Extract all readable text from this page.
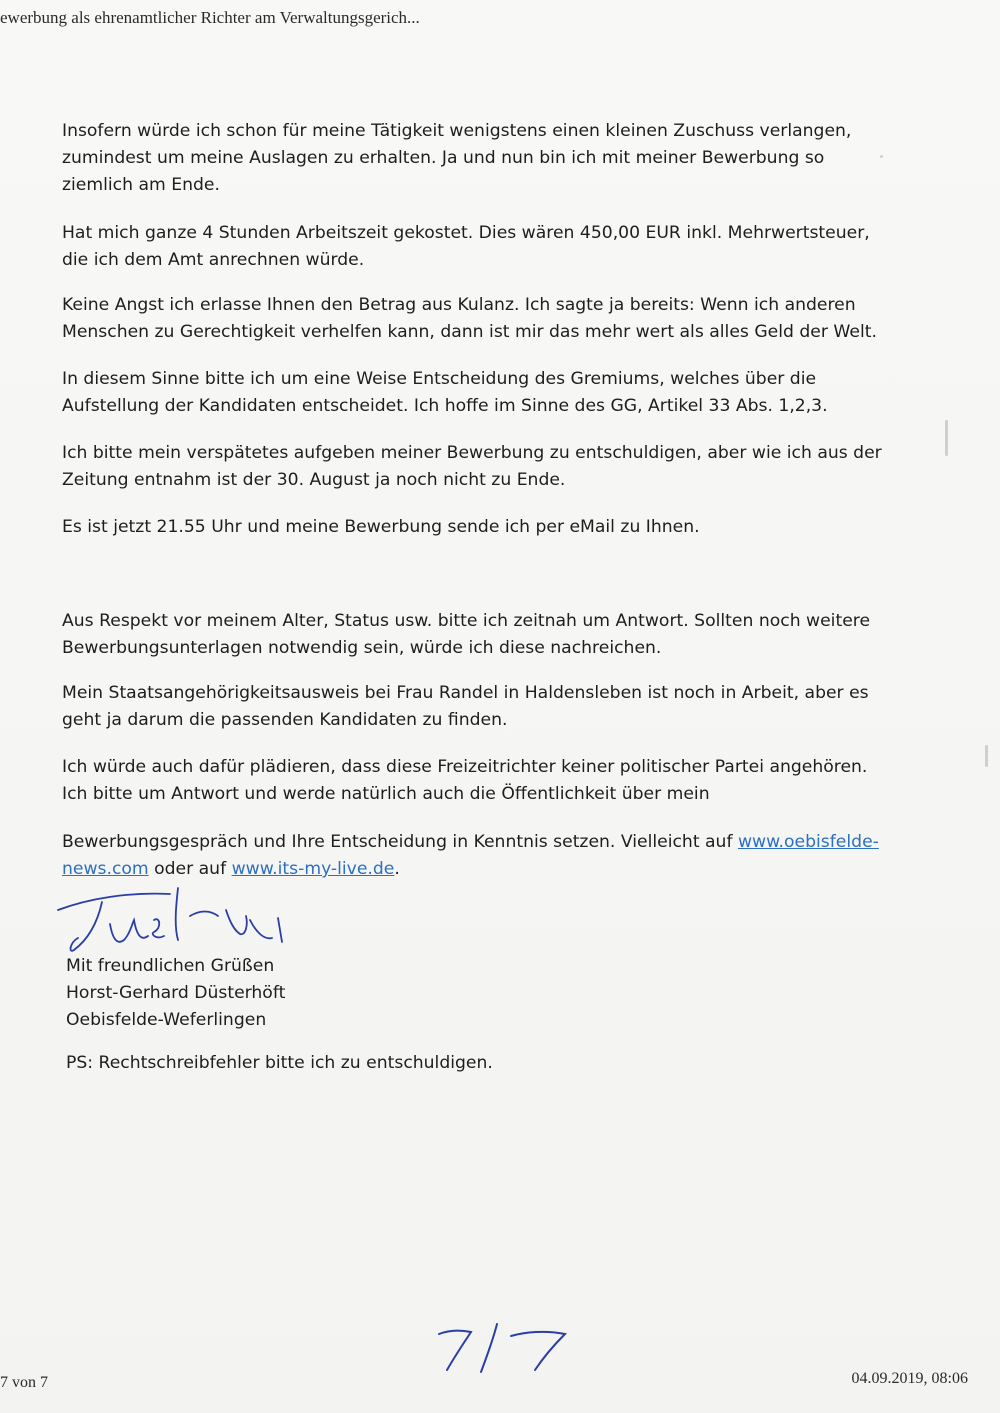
ewerbung als ehrenamtlicher Richter am Verwaltungsgerich...
Insofern würde ich schon für meine Tätigkeit wenigstens einen kleinen Zuschuss verlangen,
zumindest um meine Auslagen zu erhalten. Ja und nun bin ich mit meiner Bewerbung so
ziemlich am Ende.
Hat mich ganze 4 Stunden Arbeitszeit gekostet. Dies wären 450,00 EUR inkl. Mehrwertsteuer,
die ich dem Amt anrechnen würde.
Keine Angst ich erlasse Ihnen den Betrag aus Kulanz. Ich sagte ja bereits: Wenn ich anderen
Menschen zu Gerechtigkeit verhelfen kann, dann ist mir das mehr wert als alles Geld der Welt.
In diesem Sinne bitte ich um eine Weise Entscheidung des Gremiums, welches über die
Aufstellung der Kandidaten entscheidet. Ich hoffe im Sinne des GG, Artikel 33 Abs. 1,2,3.
Ich bitte mein verspätetes aufgeben meiner Bewerbung zu entschuldigen, aber wie ich aus der
Zeitung entnahm ist der 30. August ja noch nicht zu Ende.
Es ist jetzt 21.55 Uhr und meine Bewerbung sende ich per eMail zu Ihnen.
Aus Respekt vor meinem Alter, Status usw. bitte ich zeitnah um Antwort. Sollten noch weitere
Bewerbungsunterlagen notwendig sein, würde ich diese nachreichen.
Mein Staatsangehörigkeitsausweis bei Frau Randel in Haldensleben ist noch in Arbeit, aber es
geht ja darum die passenden Kandidaten zu finden.
Ich würde auch dafür plädieren, dass diese Freizeitrichter keiner politischer Partei angehören.
Ich bitte um Antwort und werde natürlich auch die Öffentlichkeit über mein
Bewerbungsgespräch und Ihre Entscheidung in Kenntnis setzen. Vielleicht auf www.oebisfelde-
news.com oder auf www.its-my-live.de.
Mit freundlichen Grüßen
Horst-Gerhard Düsterhöft
Oebisfelde-Weferlingen
PS: Rechtschreibfehler bitte ich zu entschuldigen.
7 von 7	04.09.2019, 08:06
